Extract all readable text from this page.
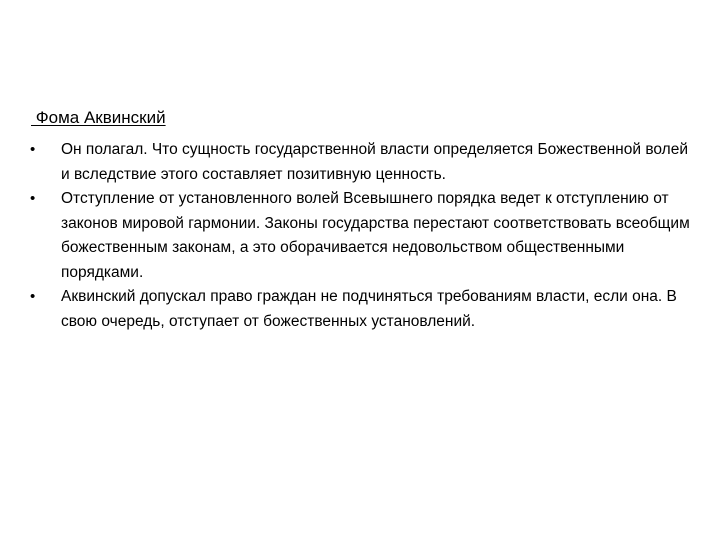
Фома Аквинский
•	Он полагал. Что сущность государственной власти определяется Божественной волей и вследствие этого составляет позитивную ценность.
•	Отступление от установленного волей Всевышнего порядка ведет к отступлению от законов мировой гармонии. Законы государства перестают соответствовать всеобщим божественным законам, а это оборачивается недовольством общественными порядками.
•	Аквинский допускал право граждан не подчиняться требованиям власти, если она. В свою очередь, отступает от божественных установлений.
